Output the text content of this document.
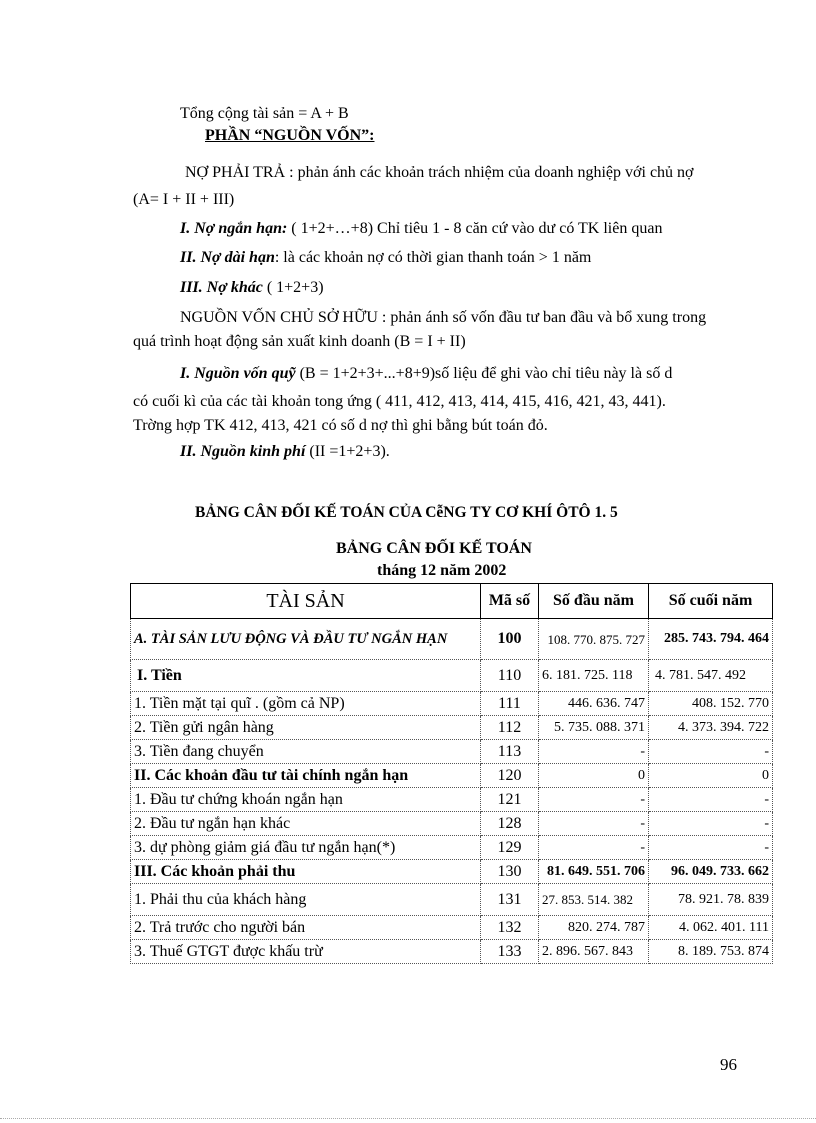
Tổng cộng tài sản = A + B
PHẦN “NGUỒN VỐN”:
NỢ PHẢI TRẢ : phản ánh các khoản trách nhiệm của doanh nghiệp với chủ nợ
(A= I + II + III)
I. Nợ ngắn hạn: ( 1+2+…+8) Chỉ tiêu 1 - 8 căn cứ vào dư có TK liên quan
II. Nợ dài hạn: là các khoản nợ có thời gian thanh toán > 1 năm
III. Nợ khác ( 1+2+3)
NGUỒN VỐN CHỦ SỞ HỮU : phản ánh số vốn đầu tư ban đầu và bổ xung trong
quá trình hoạt động sản xuất kinh doanh (B = I + II)
I. Nguồn vốn quỹ (B = 1+2+3+...+8+9)số liệu để ghi vào chỉ tiêu này là số d
có cuối kì của các tài khoản tong ứng ( 411, 412, 413, 414, 415, 416, 421, 43, 441).
Trờng hợp TK 412, 413, 421 có số d nợ thì ghi bằng bút toán đỏ.
II. Nguồn kinh phí (II =1+2+3).
BẢNG CÂN ĐỐI KẾ TOÁN CỦA CễNG TY CƠ KHÍ ÔTÔ 1. 5
BẢNG CÂN ĐỐI KẾ TOÁN
tháng 12 năm 2002
TÀI SẢN	Mã số	Số đầu năm	Số cuối năm
A. TÀI SẢN LƯU ĐỘNG VÀ ĐẦU TƯ NGẮN HẠN	100	108. 770. 875. 727	285. 743. 794. 464
I. Tiền	110	6. 181. 725. 118	4. 781. 547. 492
1. Tiền mặt tại quĩ . (gồm cả NP)	111	446. 636. 747	408. 152. 770
2. Tiền gửi ngân hàng	112	5. 735. 088. 371	4. 373. 394. 722
3. Tiền đang chuyển	113	-	-
II. Các khoản đầu tư tài chính ngắn hạn	120	0	0
1. Đầu tư chứng khoán ngắn hạn	121	-	-
2. Đầu tư ngắn hạn khác	128	-	-
3. dự phòng giảm giá đầu tư ngắn hạn(*)	129	-	-
III. Các khoản phải thu	130	81. 649. 551. 706	96. 049. 733. 662
1. Phải thu của khách hàng	131	27. 853. 514. 382	78. 921. 78. 839
2. Trả trước cho người bán	132	820. 274. 787	4. 062. 401. 111
3. Thuế GTGT được khấu trừ	133	2. 896. 567. 843	8. 189. 753. 874
96
